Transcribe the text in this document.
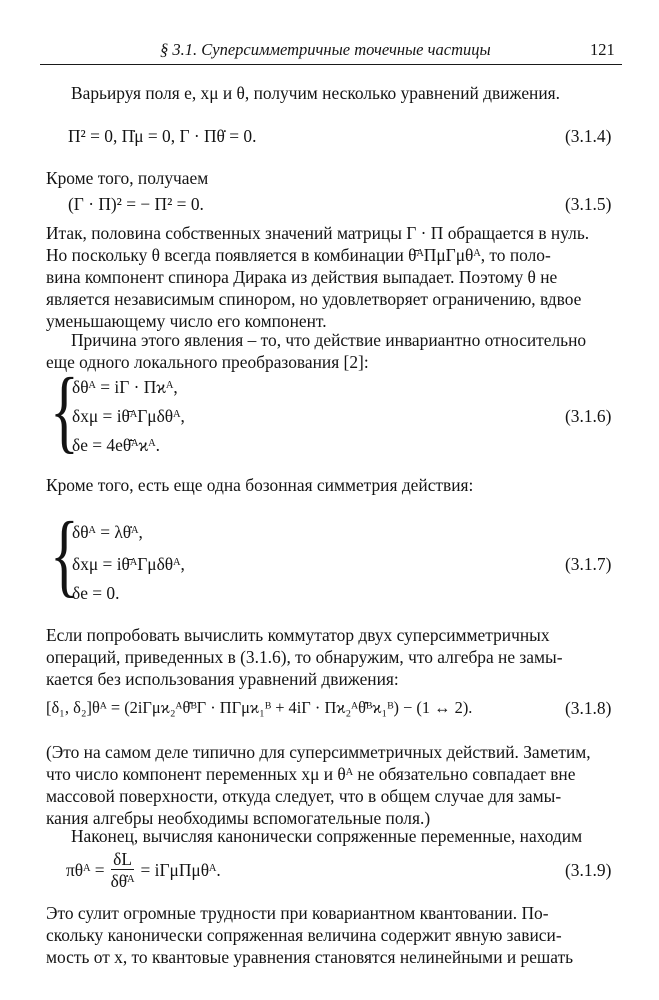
§ 3.1. Суперсимметричные точечные частицы	121
Варьируя поля e, xμ и θ, получим несколько уравнений движения.
Π² = 0, Π̇μ = 0, Γ · Πθ̇ = 0.	(3.1.4)
Кроме того, получаем
(Γ · Π)² = − Π² = 0.	(3.1.5)
Итак, половина собственных значений матрицы Γ · Π обращается в нуль.
Но поскольку θ всегда появляется в комбинации θ̄ᴬΠμΓμθᴬ, то поло-
вина компонент спинора Дирака из действия выпадает. Поэтому θ не
является независимым спинором, но удовлетворяет ограничению, вдвое
уменьшающему число его компонент.
Причина этого явления – то, что действие инвариантно относительно
еще одного локального преобразования [2]:
{
δθᴬ = iΓ · Πϰᴬ,
δxμ = iθ̄ᴬΓμδθᴬ,
δe = 4eθ̄̇ᴬϰᴬ.
(3.1.6)
Кроме того, есть еще одна бозонная симметрия действия:
{
δθᴬ = λθ̇ᴬ,
δxμ = iθ̄ᴬΓμδθᴬ,
δe = 0.
(3.1.7)
Если попробовать вычислить коммутатор двух суперсимметричных
операций, приведенных в (3.1.6), то обнаружим, что алгебра не замы-
кается без использования уравнений движения:
[δ₁, δ₂]θᴬ = (2iΓμϰ₂ᴬθ̄̇ᴮΓ · ΠΓμϰ₁ᴮ + 4iΓ · Πϰ₂ᴬθ̄̇ᴮϰ₁ᴮ) − (1 ↔ 2).	(3.1.8)
(Это на самом деле типично для суперсимметричных действий. Заметим,
что число компонент переменных xμ и θᴬ не обязательно совпадает вне
массовой поверхности, откуда следует, что в общем случае для замы-
кания алгебры необходимы вспомогательные поля.)
Наконец, вычисляя канонически сопряженные переменные, находим
πθᴬ = $\frac{\delta L}{\text{δθ̇ᴬ}}$ = iΓμΠμθᴬ.	(3.1.9)
Это сулит огромные трудности при ковариантном квантовании. По-
скольку канонически сопряженная величина содержит явную зависи-
мость от x, то квантовые уравнения становятся нелинейными и решать
